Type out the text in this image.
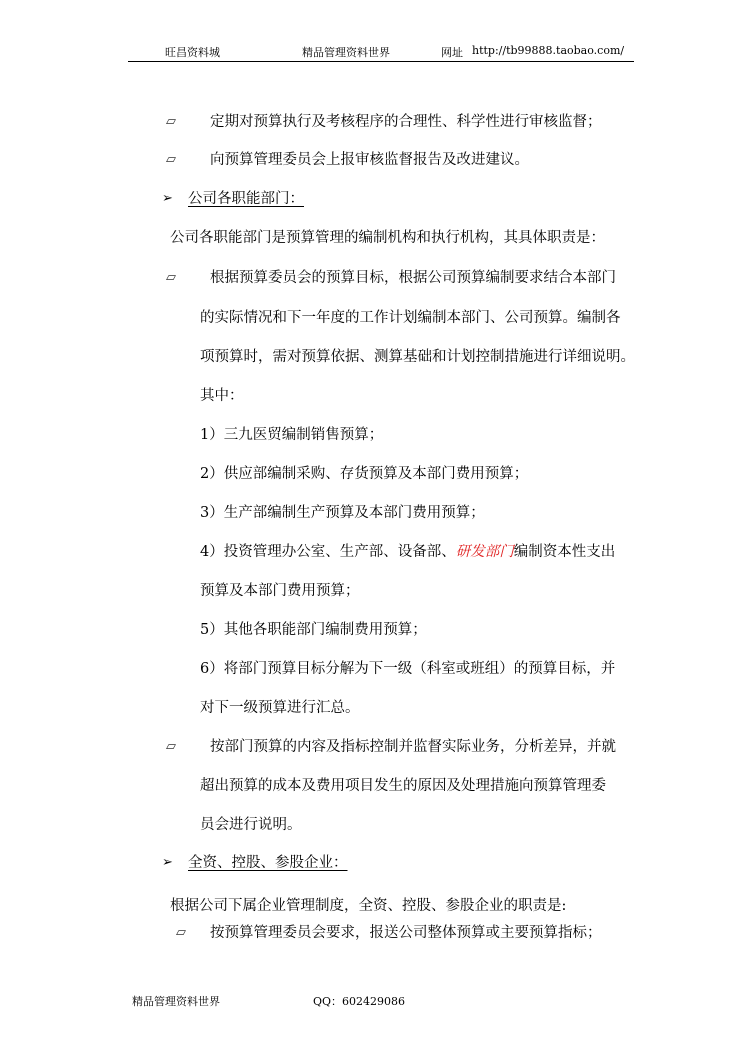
旺昌资料城	精品管理资料世界	网址 http://tb99888.taobao.com/
▱	定期对预算执行及考核程序的合理性、科学性进行审核监督；
▱	向预算管理委员会上报审核监督报告及改进建议。
➢ 公司各职能部门：
公司各职能部门是预算管理的编制机构和执行机构，其具体职责是：
▱	根据预算委员会的预算目标，根据公司预算编制要求结合本部门
的实际情况和下一年度的工作计划编制本部门、公司预算。编制各
项预算时，需对预算依据、测算基础和计划控制措施进行详细说明。
其中：
1）三九医贸编制销售预算；
2）供应部编制采购、存货预算及本部门费用预算；
3）生产部编制生产预算及本部门费用预算；
4）投资管理办公室、生产部、设备部、研发部门编制资本性支出
预算及本部门费用预算；
5）其他各职能部门编制费用预算；
6）将部门预算目标分解为下一级（科室或班组）的预算目标，并
对下一级预算进行汇总。
▱	按部门预算的内容及指标控制并监督实际业务，分析差异，并就
超出预算的成本及费用项目发生的原因及处理措施向预算管理委
员会进行说明。
➢ 全资、控股、参股企业：
根据公司下属企业管理制度，全资、控股、参股企业的职责是:
▱	按预算管理委员会要求，报送公司整体预算或主要预算指标；
精品管理资料世界	QQ：602429086
